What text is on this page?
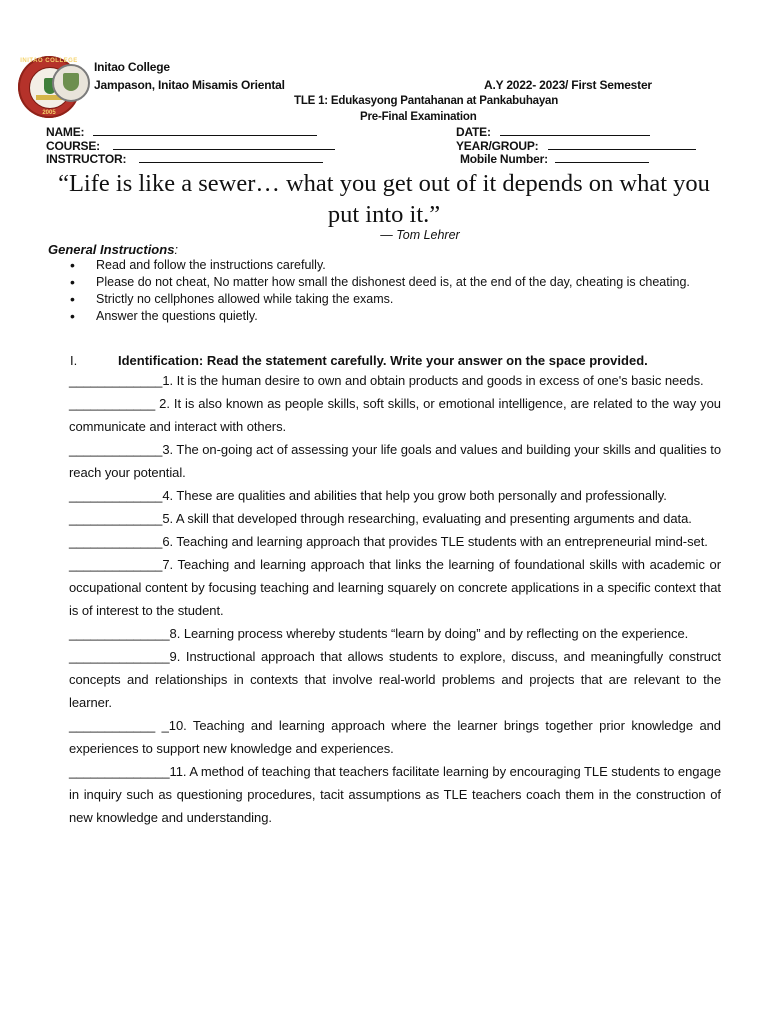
INITAO COLLEGE
2005
Initao College
Jampason, Initao Misamis Oriental	A.Y 2022- 2023/ First Semester
TLE 1: Edukasyong Pantahanan at Pankabuhayan
Pre-Final Examination
NAME:	DATE:
COURSE:	YEAR/GROUP:
INSTRUCTOR:	Mobile Number:
“Life is like a sewer… what you get out of it depends on what you put into it.”
― Tom Lehrer
General Instructions:
• Read and follow the instructions carefully.
• Please do not cheat, No matter how small the dishonest deed is, at the end of the day, cheating is cheating.
• Strictly no cellphones allowed while taking the exams.
• Answer the questions quietly.
I.	Identification: Read the statement carefully. Write your answer on the space provided.

_____________1. It is the human desire to own and obtain products and goods in excess of one's basic needs.

____________ 2. It is also known as people skills, soft skills, or emotional intelligence, are related to the way you communicate and interact with others.

_____________3. The on-going act of assessing your life goals and values and building your skills and qualities to reach your potential.

_____________4. These are qualities and abilities that help you grow both personally and professionally.

_____________5. A skill that developed through researching, evaluating and presenting arguments and data.

_____________6. Teaching and learning approach that provides TLE students with an entrepreneurial mind-set.

_____________7. Teaching and learning approach that links the learning of foundational skills with academic or occupational content by focusing teaching and learning squarely on concrete applications in a specific context that is of interest to the student.

______________8. Learning process whereby students “learn by doing” and by reflecting on the experience.

______________9. Instructional approach that allows students to explore, discuss, and meaningfully construct concepts and relationships in contexts that involve real-world problems and projects that are relevant to the learner.

____________ _10. Teaching and learning approach where the learner brings together prior knowledge and experiences to support new knowledge and experiences.

______________11. A method of teaching that teachers facilitate learning by encouraging TLE students to engage in inquiry such as questioning procedures, tacit assumptions as TLE teachers coach them in the construction of new knowledge and understanding.
